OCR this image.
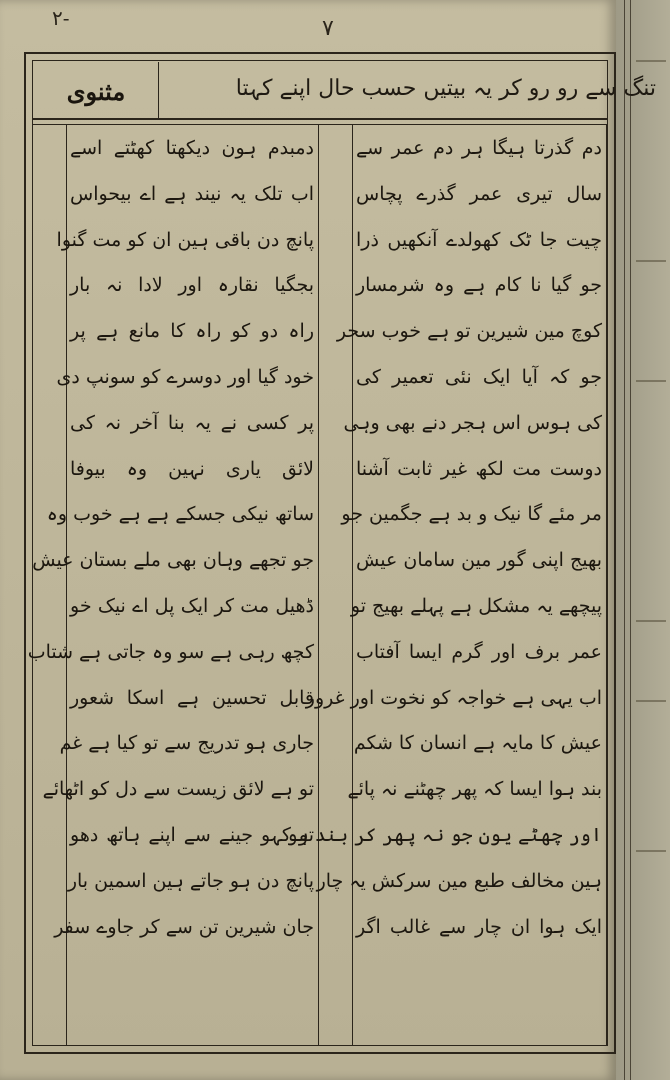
-۲	۷
مثنوی	تنگ سے رو رو کر یہ بیتیں حسب حال اپنے کہتا
دم گذرتا ہیگا ہر دم عمر سے
سال تیری عمر گذرے پچاس
چیت جا ٹک کھولدے آنکھیں ذرا
جو گیا نا کام ہے وہ شرمسار
کوچ مین شیرین تو ہے خوب سحر
جو کہ آیا ایک نئی تعمیر کی
کی ہوس اس ہجر دنے بھی وہی
دوست مت لکھ غیر ثابت آشنا
مر مئے گا نیک و بد ہے جگمین جو
بھیج اپنی گور مین سامان عیش
پیچھے یہ مشکل ہے پہلے بھیج تو
عمر برف اور گرم ایسا آفتاب
اب یہی ہے خواجہ کو نخوت اور غرور
عیش کا مایہ ہے انسان کا شکم
بند ہوا ایسا کہ پھر چھٹنے نہ پائے
اور چھٹے یون جو نہ پھر کر بند ہو
ہین مخالف طبع مین سرکش یہ چار
ایک ہوا ان چار سے غالب اگر
دمبدم ہون دیکھتا کھٹتے اسے
اب تلک یہ نیند ہے اے بیحواس
پانچ دن باقی ہین ان کو مت گنوا
بجگیا نقارہ اور لادا نہ بار
راہ دو کو راہ کا مانع ہے پر
خود گیا اور دوسرے کو سونپ دی
پر کسی نے یہ بنا آخر نہ کی
لائق یاری نہین وہ بیوفا
ساتھ نیکی جسکے ہے ہے خوب وہ
جو تجھے وہان بھی ملے بستان عیش
ڈھیل مت کر ایک پل اے نیک خو
کچھ رہی ہے سو وہ جاتی ہے شتاب
قابل تحسین ہے اسکا شعور
جاری ہو تدریج سے تو کیا ہے غم
تو ہے لائق زیست سے دل کو اٹھائے
تو کہو جینے سے اپنے ہاتھ دھو
پانچ دن ہو جاتے ہین اسمین بار
جان شیرین تن سے کر جاوے سفر
